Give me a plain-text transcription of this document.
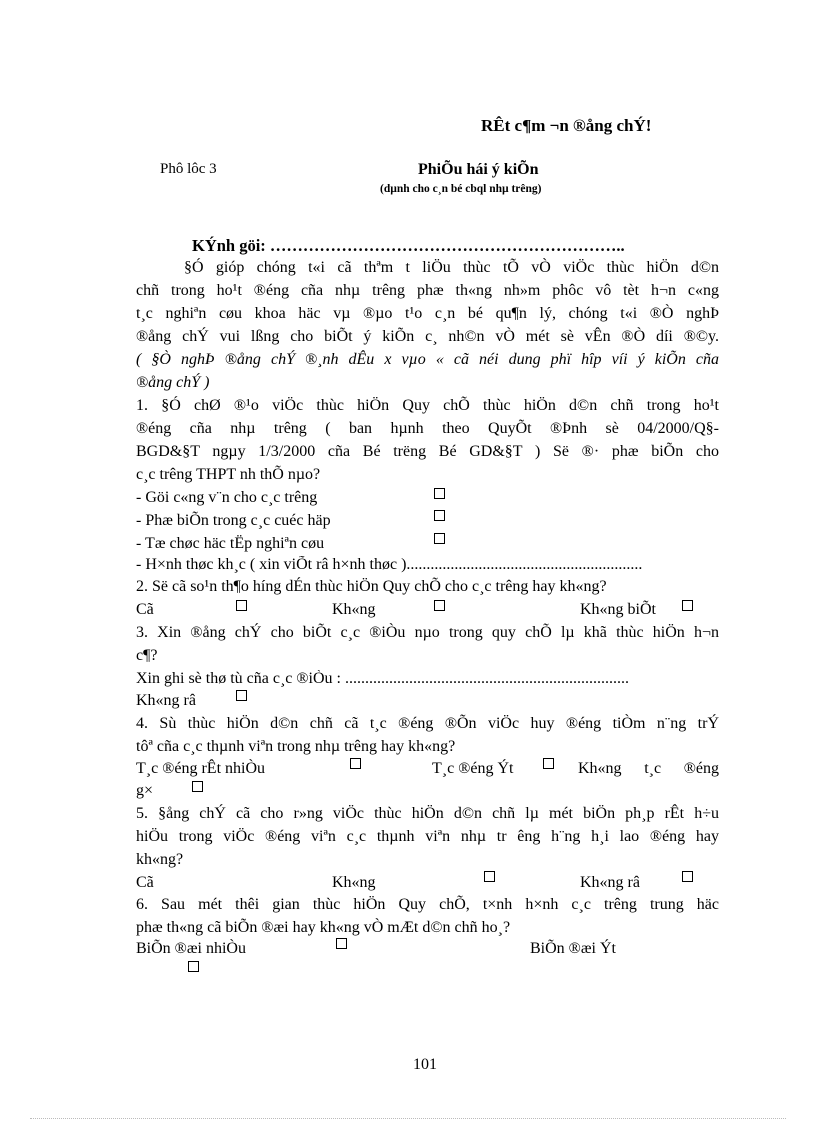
RÊt c¶m ¬n ®ång chÝ!
Phô lôc 3	PhiÕu hái ý kiÕn
(dµnh cho c¸n bé cbql nhµ trêng)
KÝnh göi: ………………………………………………………..
§Ó gióp chóng t«i cã thªm t liÖu thùc tÕ vÒ viÖc thùc hiÖn d©n
chñ trong ho¹t ®éng cña nhµ trêng phæ th«ng nh»m phôc vô tèt h¬n c«ng
t¸c nghiªn cøu khoa häc vµ ®µo t¹o c¸n bé qu¶n lý, chóng t«i ®Ò nghÞ
®ång chÝ vui lßng cho biÕt ý kiÕn c¸ nh©n vÒ mét sè vÊn ®Ò díi ®©y.
( §Ò nghÞ ®ång chÝ ®¸nh dÊu x vµo « cã néi dung phï hîp víi ý kiÕn cña
®ång chÝ )
1. §Ó chØ ®¹o viÖc thùc hiÖn Quy chÕ thùc hiÖn d©n chñ trong ho¹t
®éng cña nhµ trêng ( ban hµnh theo QuyÕt ®Þnh sè 04/2000/Q§-
BGD&§T ngµy 1/3/2000 cña Bé trëng Bé GD&§T ) Së ®· phæ biÕn cho
c¸c trêng THPT nh thÕ nµo?
- Göi c«ng v¨n cho c¸c trêng
- Phæ biÕn trong c¸c cuéc häp
- Tæ chøc häc tËp nghiªn cøu
- H×nh thøc kh¸c ( xin viÕt râ h×nh thøc )...........................................................
2. Së cã so¹n th¶o híng dÉn thùc hiÖn Quy chÕ cho c¸c trêng hay kh«ng?
Cã	Kh«ng	Kh«ng biÕt
3. Xin ®ång chÝ cho biÕt c¸c ®iÒu nµo trong quy chÕ lµ khã thùc hiÖn h¬n
c¶?
Xin ghi sè thø tù cña c¸c ®iÒu : .......................................................................
Kh«ng râ
4. Sù thùc hiÖn d©n chñ cã t¸c ®éng ®Õn viÖc huy ®éng tiÒm n¨ng trÝ
tôª cña c¸c thµnh viªn trong nhµ trêng hay kh«ng?
T¸c ®éng rÊt nhiÒu	T¸c ®éng Ýt	Kh«ng t¸c ®éng
g×
5. §ång chÝ cã cho r»ng viÖc thùc hiÖn d©n chñ lµ mét biÖn ph¸p rÊt h÷u
hiÖu trong viÖc ®éng viªn c¸c thµnh viªn nhµ tr êng h¨ng h¸i lao ®éng hay
kh«ng?
Cã	Kh«ng	Kh«ng râ
6. Sau mét thêi gian thùc hiÖn Quy chÕ, t×nh h×nh c¸c trêng trung häc
phæ th«ng cã biÕn ®æi hay kh«ng vÒ mÆt d©n chñ ho¸?
BiÕn ®æi nhiÒu	BiÕn ®æi Ýt
101
